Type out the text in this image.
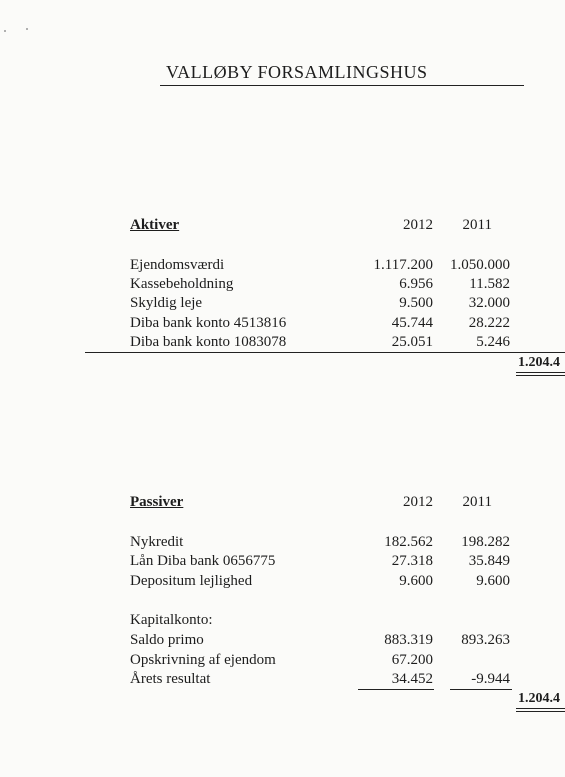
VALLØBY FORSAMLINGSHUS
Aktiver	2012	2011
Ejendomsværdi	1.117.200 1.050.000
Kassebeholdning	6.956 11.582
Skyldig leje	9.500 32.000
Diba bank konto 4513816	45.744 28.222
Diba bank konto 1083078	25.051	5.246
1.204.4
Passiver	2012	2011
Nykredit	182.562 198.282
Lån Diba bank 0656775	27.318 35.849
Depositum lejlighed	9.600	9.600
Kapitalkonto:
Saldo primo	883.319 893.263
Opskrivning af ejendom	67.200
Årets resultat	34.452	-9.944
1.204.4
